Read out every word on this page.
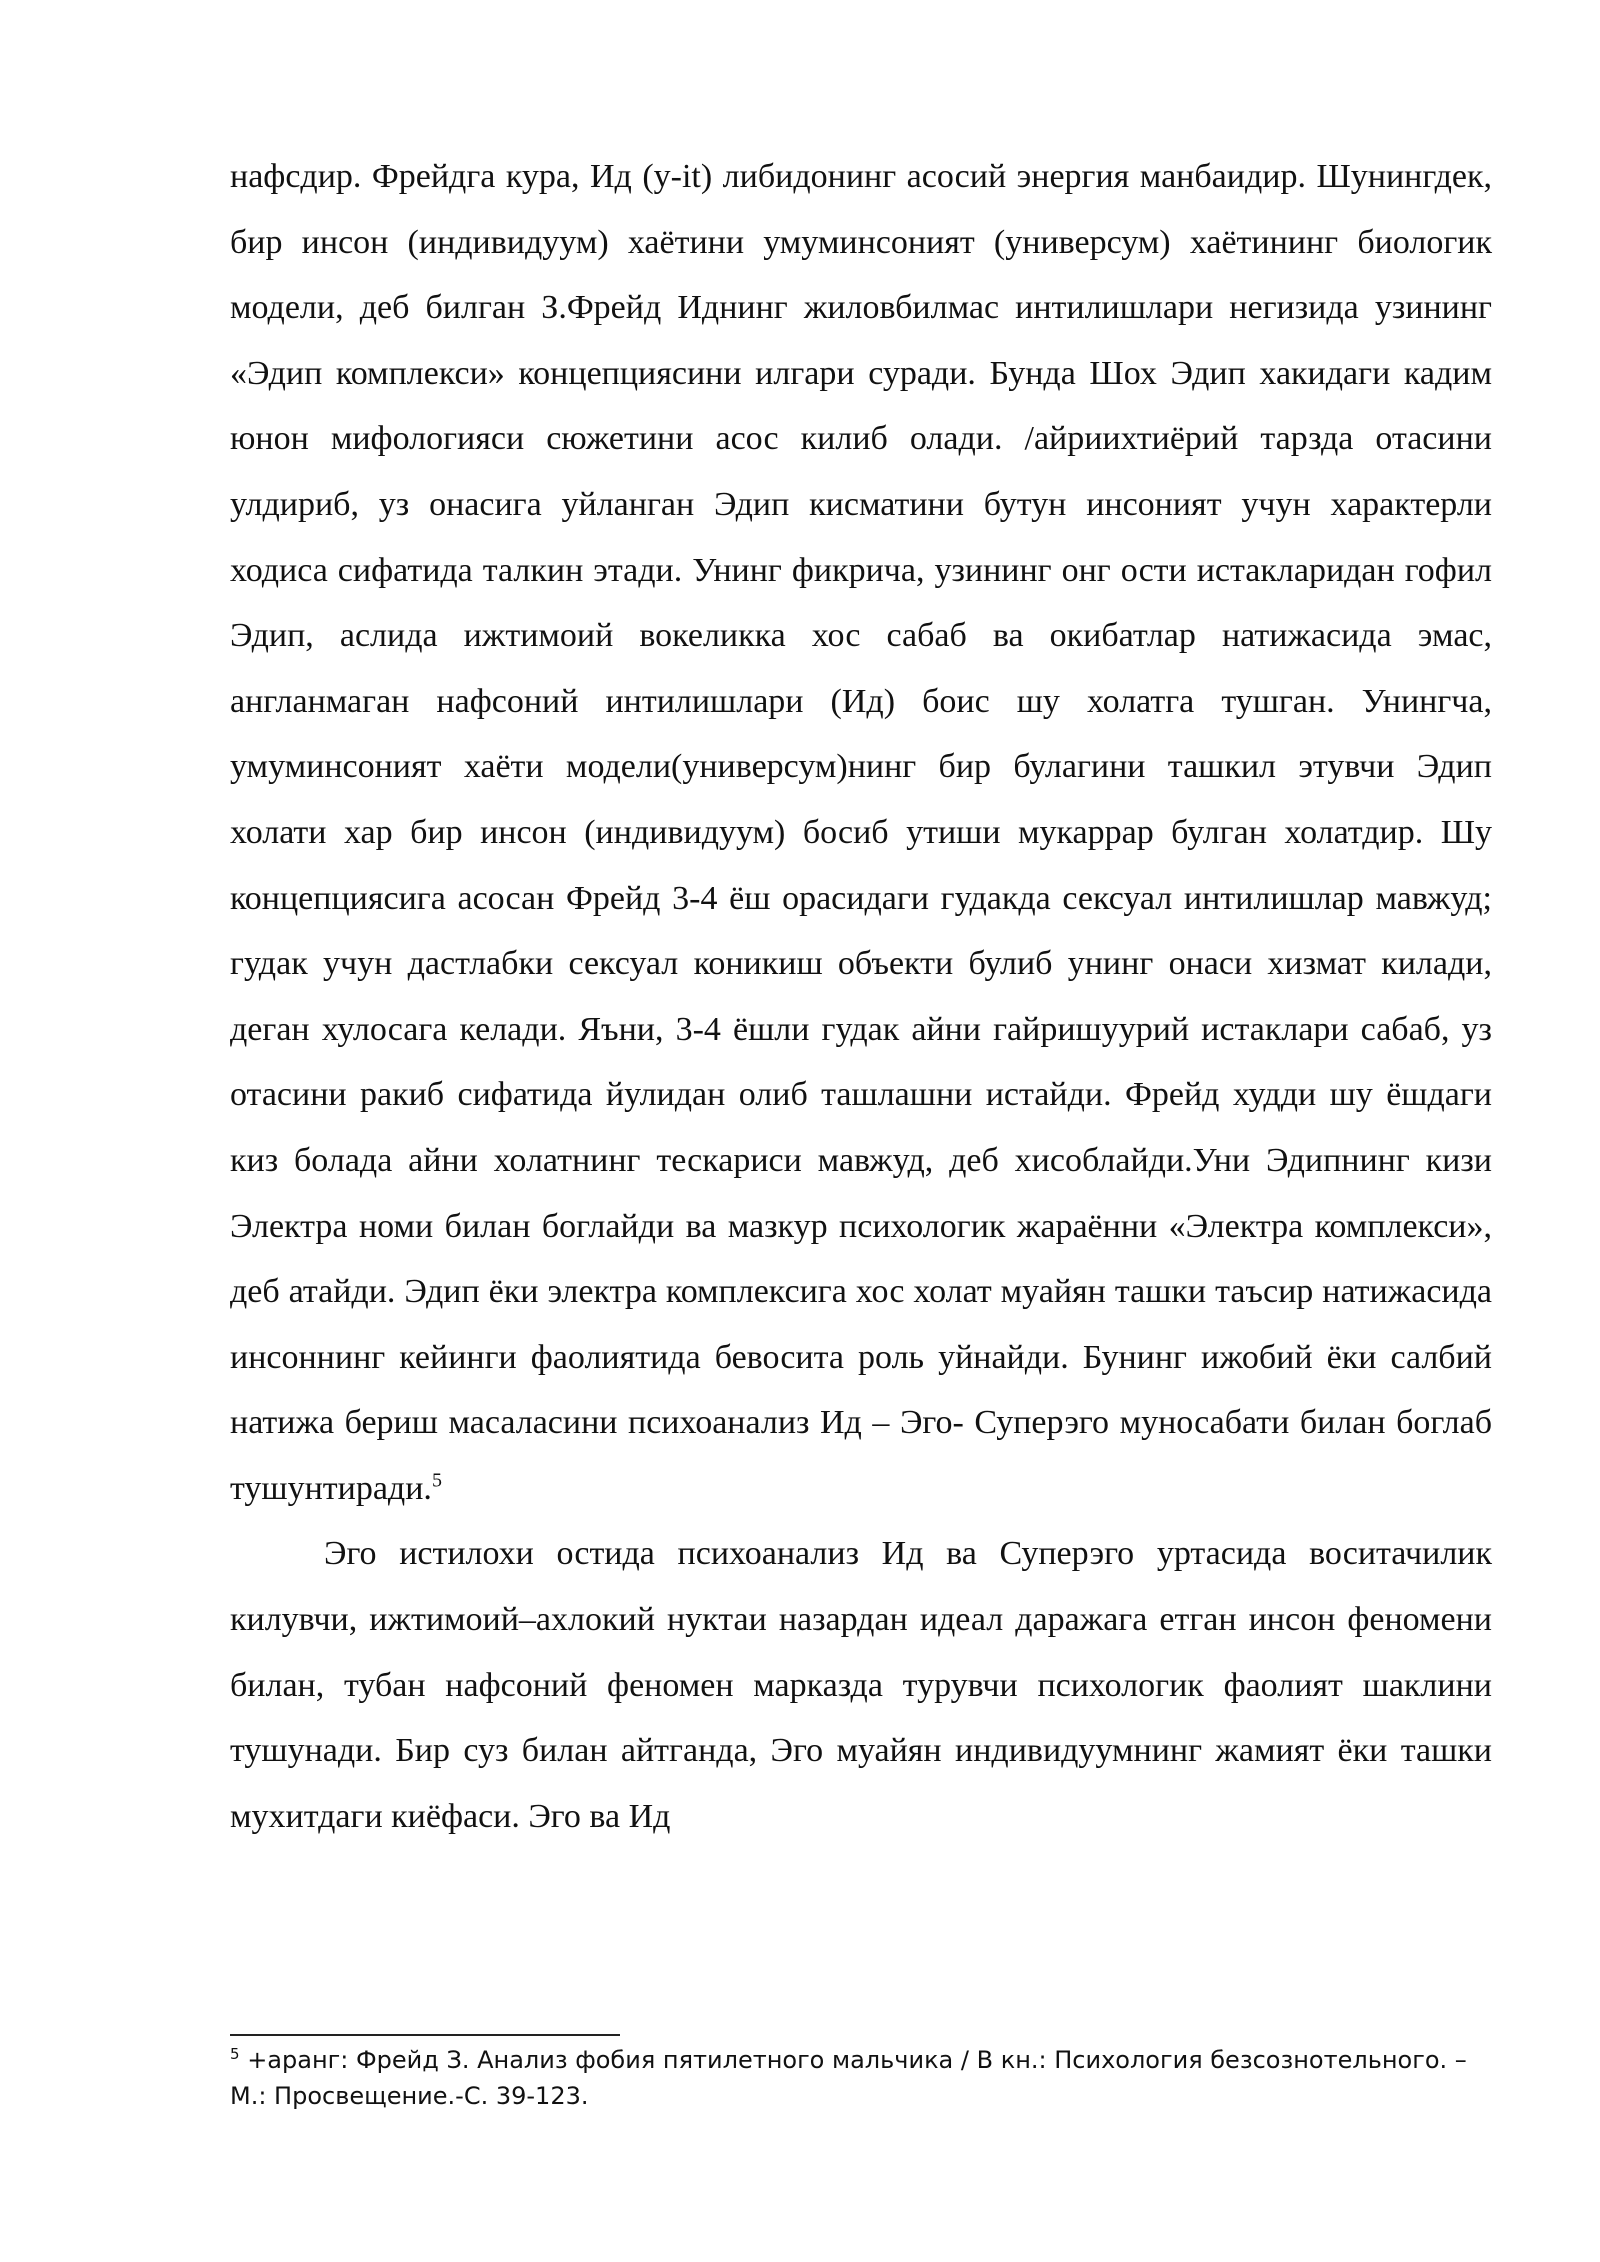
нафсдир. Фрейдга кура, Ид (у-it) либидонинг асосий энергия манбаидир. Шунингдек, бир инсон (индивидуум) хаётини умуминсоният (универсум) хаётининг биологик модели, деб билган З.Фрейд Иднинг жиловбилмас интилишлари негизида узининг «Эдип комплекси» концепциясини илгари суради. Бунда Шох Эдип хакидаги кадим юнон мифологияси сюжетини асос килиб олади. /айриихтиёрий тарзда отасини улдириб, уз онасига уйланган Эдип кисматини бутун инсоният учун характерли ходиса сифатида талкин этади. Унинг фикрича, узининг онг ости истакларидан гофил Эдип, аслида ижтимоий вокеликка хос сабаб ва окибатлар натижасида эмас, англанмаган нафсоний интилишлари (Ид) боис шу холатга тушган. Унингча, умуминсоният хаёти модели(универсум)нинг бир булагини ташкил этувчи Эдип холати хар бир инсон (индивидуум) босиб утиши мукаррар булган холатдир. Шу концепциясига асосан Фрейд 3-4 ёш орасидаги гудакда сексуал интилишлар мавжуд; гудак учун дастлабки сексуал коникиш объекти булиб унинг онаси хизмат килади, деган хулосага келади. Яъни, 3-4 ёшли гудак айни гайришуурий истаклари сабаб, уз отасини ракиб сифатида йулидан олиб ташлашни истайди. Фрейд худди шу ёшдаги киз болада айни холатнинг тескариси мавжуд, деб хисоблайди.Уни Эдипнинг кизи Электра номи билан боглайди ва мазкур психологик жараённи «Электра комплекси», деб атайди. Эдип ёки электра комплексига хос холат муайян ташки таъсир натижасида инсоннинг кейинги фаолиятида бевосита роль уйнайди. Бунинг ижобий ёки салбий натижа бериш масаласини психоанализ Ид – Эго- Суперэго муносабати билан боглаб тушунтиради.$^5$

Эго истилохи остида психоанализ Ид ва Суперэго уртасида воситачилик килувчи, ижтимоий–ахлокий нуктаи назардан идеал даражага етган инсон феномени билан, тубан нафсоний феномен марказда турувчи психологик фаолият шаклини тушунади. Бир суз билан айтганда, Эго муайян индивидуумнинг жамият ёки ташки мухитдаги киёфаси. Эго ва Ид

$^5$ +аранг: Фрейд З. Анализ фобия пятилетного мальчика / В кн.: Психология безсознотельного. –М.: Просвещение.-С. 39-123.
